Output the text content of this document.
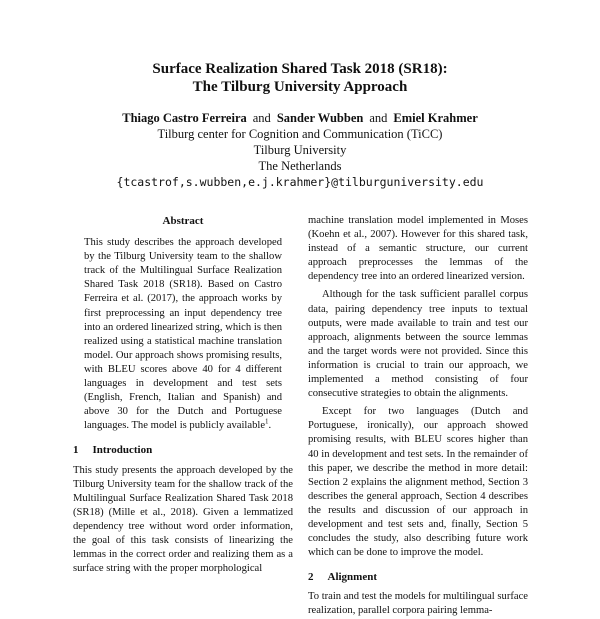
Surface Realization Shared Task 2018 (SR18):
The Tilburg University Approach
Thiago Castro Ferreira and Sander Wubben and Emiel Krahmer
Tilburg center for Cognition and Communication (TiCC)
Tilburg University
The Netherlands
{tcastrof,s.wubben,e.j.krahmer}@tilburguniversity.edu
Abstract

This study describes the approach developed by the Tilburg University team to the shallow track of the Multilingual Surface Realization Shared Task 2018 (SR18). Based on Castro Ferreira et al. (2017), the approach works by first preprocessing an input dependency tree into an ordered linearized string, which is then realized using a statistical machine translation model. Our approach shows promising results, with BLEU scores above 40 for 4 different languages in development and test sets (English, French, Italian and Spanish) and above 30 for the Dutch and Portuguese languages. The model is publicly available$^1$.

1 Introduction

This study presents the approach developed by the Tilburg University team for the shallow track of the Multilingual Surface Realization Shared Task 2018 (SR18) (Mille et al., 2018). Given a lemmatized dependency tree without word order information, the goal of this task consists of linearizing the lemmas in the correct order and realizing them as a surface string with the proper morphological

machine translation model implemented in Moses (Koehn et al., 2007). However for this shared task, instead of a semantic structure, our current approach preprocesses the lemmas of the dependency tree into an ordered linearized version.

Although for the task sufficient parallel corpus data, pairing dependency tree inputs to textual outputs, were made available to train and test our approach, alignments between the source lemmas and the target words were not provided. Since this information is crucial to train our approach, we implemented a method consisting of four consecutive strategies to obtain the alignments.

Except for two languages (Dutch and Portuguese, ironically), our approach showed promising results, with BLEU scores higher than 40 in development and test sets. In the remainder of this paper, we describe the method in more detail: Section 2 explains the alignment method, Section 3 describes the general approach, Section 4 describes the results and discussion of our approach in development and test sets and, finally, Section 5 concludes the study, also describing future work which can be done to improve the model.

2 Alignment

To train and test the models for multilingual surface realization, parallel corpora pairing lemma-
